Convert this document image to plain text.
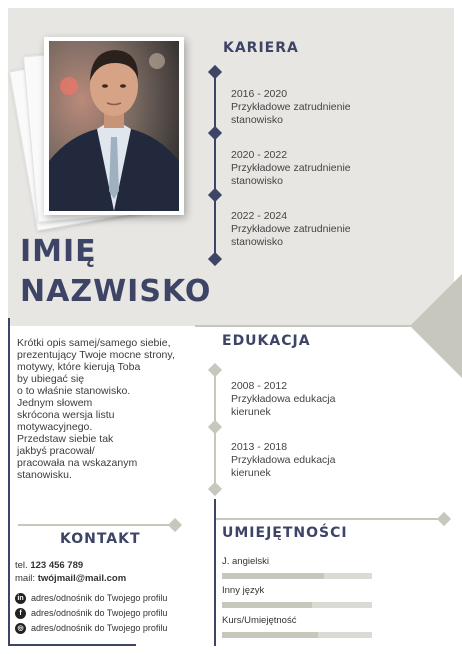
IMIĘ
NAZWISKO
KARIERA
2016 - 2020
Przykładowe zatrudnienie
stanowisko
2020 - 2022
Przykładowe zatrudnienie
stanowisko
2022 - 2024
Przykładowe zatrudnienie
stanowisko
Krótki opis samej/samego siebie,
prezentujący Twoje mocne strony,
motywy, które kierują Toba
by ubiegać się
o to właśnie stanowisko.
Jednym słowem
skrócona wersja listu
motywacyjnego.
Przedstaw siebie tak
jakbyś pracował/
pracowała na wskazanym
stanowisku.
EDUKACJA
2008 - 2012
Przykładowa edukacja
kierunek
2013 - 2018
Przykładowa edukacja
kierunek
KONTAKT
tel. 123 456 789
mail: twójmail@mail.com
in adres/odnośnik do Twojego profilu
f	adres/odnośnik do Twojego profilu
◎ adres/odnośnik do Twojego profilu
UMIEJĘTNOŚCI
J. angielski
Inny język
Kurs/Umiejętność
